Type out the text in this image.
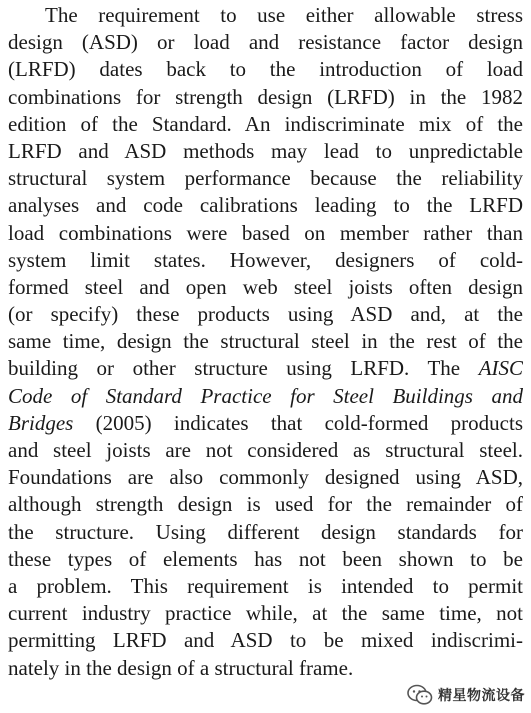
The requirement to use either allowable stress
design (ASD) or load and resistance factor design
(LRFD) dates back to the introduction of load
combinations for strength design (LRFD) in the 1982
edition of the Standard. An indiscriminate mix of the
LRFD and ASD methods may lead to unpredictable
structural system performance because the reliability
analyses and code calibrations leading to the LRFD
load combinations were based on member rather than
system limit states. However, designers of cold-
formed steel and open web steel joists often design
(or specify) these products using ASD and, at the
same time, design the structural steel in the rest of the
building or other structure using LRFD. The AISC
Code of Standard Practice for Steel Buildings and
Bridges (2005) indicates that cold-formed products
and steel joists are not considered as structural steel.
Foundations are also commonly designed using ASD,
although strength design is used for the remainder of
the structure. Using different design standards for
these types of elements has not been shown to be
a problem. This requirement is intended to permit
current industry practice while, at the same time, not
permitting LRFD and ASD to be mixed indiscrimi-
nately in the design of a structural frame.

精星物流设备
